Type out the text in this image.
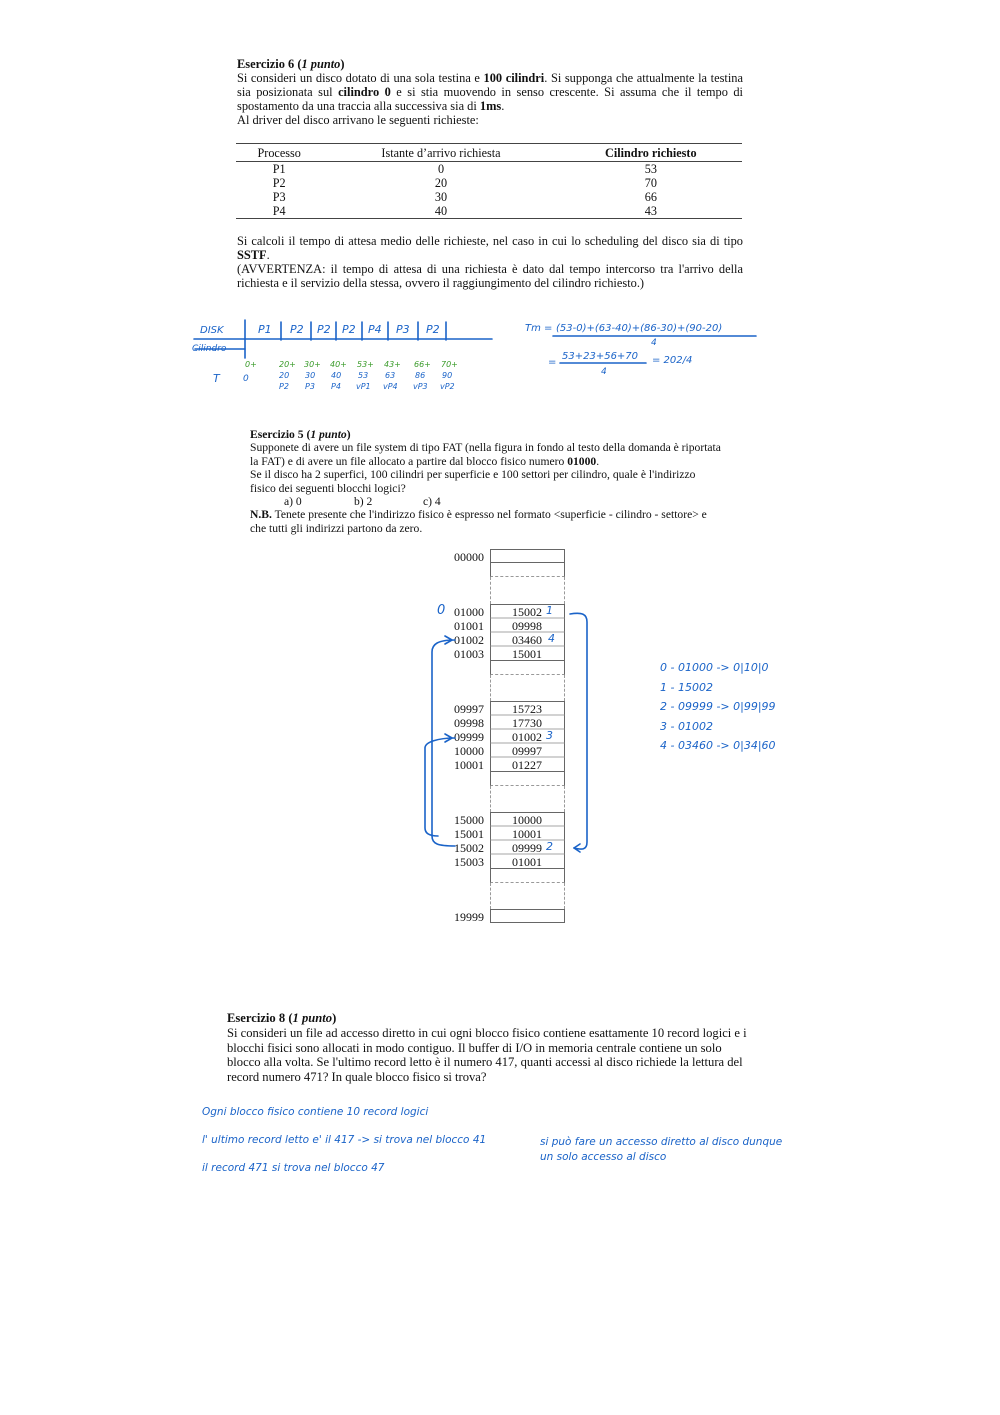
Esercizio 6 (1 punto)
Si consideri un disco dotato di una sola testina e 100 cilindri. Si supponga che attualmente la testina sia posizionata sul cilindro 0 e si stia muovendo in senso crescente. Si assuma che il tempo di spostamento da una traccia alla successiva sia di 1ms.
Al driver del disco arrivano le seguenti richieste:
Processo	Istante d’arrivo richiesta	Cilindro richiesto
P1	0	53
P2	20	70
P3	30	66
P4	40	43
Si calcoli il tempo di attesa medio delle richieste, nel caso in cui lo scheduling del disco sia di tipo SSTF.
(AVVERTENZA: il tempo di attesa di una richiesta è dato dal tempo intercorso tra l'arrivo della richiesta e il servizio della stessa, ovvero il raggiungimento del cilindro richiesto.)
DISK
Cilindro
T	0
P1 P2 P2 P2 P4 P3 P2
0+	20+ 30+ 40+ 53+ 43+ 66+ 70+
20 30 40 53 63 86 90
P2 P3 P4 vP1 vP4 vP3 vP2
Tm = (53-0)+(63-40)+(86-30)+(90-20)
4
=
53+23+56+70
4
= 202/4
Esercizio 5 (1 punto)
Supponete di avere un file system di tipo FAT (nella figura in fondo al testo della domanda è riportata la FAT) e di avere un file allocato a partire dal blocco fisico numero 01000.
Se il disco ha 2 superfici, 100 cilindri per superficie e 100 settori per cilindro, quale è l'indirizzo fisico dei seguenti blocchi logici?
a) 0	b) 2	c) 4
N.B. Tenete presente che l'indirizzo fisico è espresso nel formato <superficie - cilindro - settore> e che tutti gli indirizzi partono da zero.
00000
01000 15002
01001 09998
01002 03460
01003 15001
09997 15723
09998 17730
09999 01002
10000 09997
10001 01227
15000 10000
15001 10001
15002 09999
15003 01001
19999
0	1
4
3
2
0 - 01000 -> 0|10|0
1 - 15002
2 - 09999 -> 0|99|99
3 - 01002
4 - 03460 -> 0|34|60
Esercizio 8 (1 punto)
Si consideri un file ad accesso diretto in cui ogni blocco fisico contiene esattamente 10 record logici e i blocchi fisici sono allocati in modo contiguo. Il buffer di I/O in memoria centrale contiene un solo blocco alla volta. Se l'ultimo record letto è il numero 417, quanti accessi al disco richiede la lettura del record numero 471? In quale blocco fisico si trova?
Ogni blocco fisico contiene 10 record logici
l' ultimo record letto e' il 417 -> si trova nel blocco 41
il record 471 si trova nel blocco 47
si può fare un accesso diretto al disco dunque
un solo accesso al disco
